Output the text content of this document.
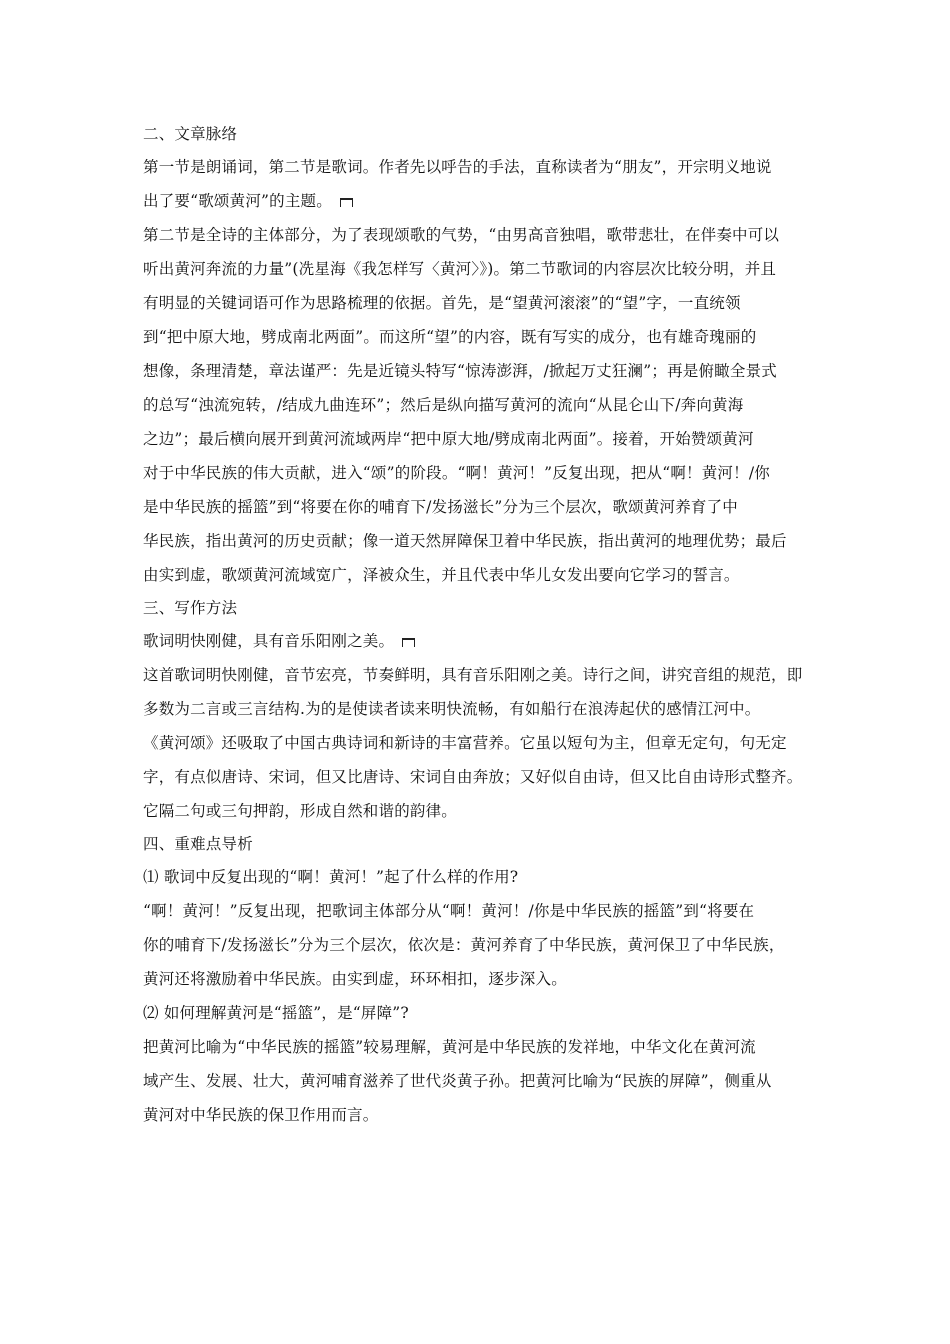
二、文章脉络
第一节是朗诵词，第二节是歌词。作者先以呼告的手法，直称读者为“朋友”，开宗明义地说
出了要“歌颂黄河”的主题。
第二节是全诗的主体部分，为了表现颂歌的气势，“由男高音独唱，歌带悲壮，在伴奏中可以
听出黄河奔流的力量”(冼星海《我怎样写〈黄河〉》)。第二节歌词的内容层次比较分明，并且
有明显的关键词语可作为思路梳理的依据。首先，是“望黄河滚滚”的“望”字，一直统领
到“把中原大地，劈成南北两面”。而这所“望”的内容，既有写实的成分，也有雄奇瑰丽的
想像，条理清楚，章法谨严：先是近镜头特写“惊涛澎湃，/掀起万丈狂澜”；再是俯瞰全景式
的总写“浊流宛转，/结成九曲连环”；然后是纵向描写黄河的流向“从昆仑山下/奔向黄海
之边”；最后横向展开到黄河流域两岸“把中原大地/劈成南北两面”。接着，开始赞颂黄河
对于中华民族的伟大贡献，进入“颂”的阶段。“啊！黄河！”反复出现，把从“啊！黄河！/你
是中华民族的摇篮”到“将要在你的哺育下/发扬滋长”分为三个层次，歌颂黄河养育了中
华民族，指出黄河的历史贡献；像一道天然屏障保卫着中华民族，指出黄河的地理优势；最后
由实到虚，歌颂黄河流域宽广，泽被众生，并且代表中华儿女发出要向它学习的誓言。
三、写作方法
歌词明快刚健，具有音乐阳刚之美。
这首歌词明快刚健，音节宏亮，节奏鲜明，具有音乐阳刚之美。诗行之间，讲究音组的规范，即
多数为二言或三言结构.为的是使读者读来明快流畅，有如船行在浪涛起伏的感情江河中。
《黄河颂》还吸取了中国古典诗词和新诗的丰富营养。它虽以短句为主，但章无定句，句无定
字，有点似唐诗、宋词，但又比唐诗、宋词自由奔放；又好似自由诗，但又比自由诗形式整齐。
它隔二句或三句押韵，形成自然和谐的韵律。
四、重难点导析
⑴ 歌词中反复出现的“啊！黄河！”起了什么样的作用?
“啊！黄河！”反复出现，把歌词主体部分从“啊！黄河！/你是中华民族的摇篮”到“将要在
你的哺育下/发扬滋长”分为三个层次，依次是：黄河养育了中华民族，黄河保卫了中华民族，
黄河还将激励着中华民族。由实到虚，环环相扣，逐步深入。
⑵ 如何理解黄河是“摇篮”，是“屏障”?
把黄河比喻为“中华民族的摇篮”较易理解，黄河是中华民族的发祥地，中华文化在黄河流
域产生、发展、壮大，黄河哺育滋养了世代炎黄子孙。把黄河比喻为“民族的屏障”，侧重从
黄河对中华民族的保卫作用而言。
